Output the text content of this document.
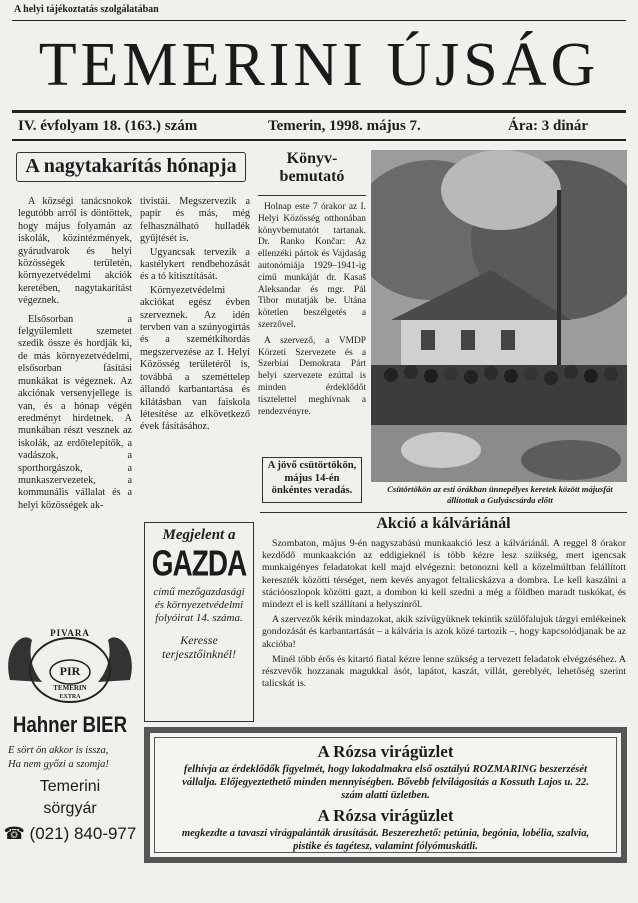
A helyi tájékoztatás szolgálatában
TEMERINI ÚJSÁG
IV. évfolyam 18. (163.) szám	Temerin, 1998. május 7.	Ára: 3 dinár
A nagytakarítás hónapja

A községi tanácsnokok legutóbb arról is döntöttek, hogy május folyamán az iskolák, közintézmények, gyárudvarok és helyi közösségek területén, környezetvédelmi akciók keretében, nagytakarítást végeznek.

Elsősorban a felgyülemlett szemetet szedik össze és hordják ki, de más környezetvédelmi, elsősorban fásítási munkákat is végeznek. Az akciónak versenyjellege is van, és a hónap végén eredményt hirdetnek. A munkában részt vesznek az iskolák, az erdőtelepítők, a vadászok, a sporthorgászok, a munkaszervezetek, a kommunális vállalat és a helyi közösségek ak-

tivistái. Megszervezik a papír és más, még felhasználható hulladék gyűjtését is.

Ugyancsak tervezik a kastélykert rendbehozását és a tó kitisztítását.

Környezetvédelmi akciókat egész évben szerveznek. Az idén tervben van a szúnyogirtás és a szemétkihordás megszervezése az I. Helyi Közösség területéről is, továbbá a szeméttelep állandó karbantartása és kilátásban van faiskola létesítése az elkövetkező évek fásításához.

Könyv-bemutató

Holnap este 7 órakor az I. Helyi Közösség otthonában könyvbemutatót tartanak. Dr. Ranko Končar: Az ellenzéki pártok és Vajdaság autonómiája 1929–1941-ig című munkáját dr. Kasaš Aleksandar és mgr. Pál Tibor mutatják be. Utána kötetlen beszélgetés a szerzővel.

A szervező, a VMDP Körzeti Szervezete és a Szerbiai Demokrata Párt helyi szervezete ezúttal is minden érdeklődőt tisztelettel meghívnak a rendezvényre.

A jövő csütörtökön, május 14-én önkéntes veradás.	Csütörtökön az esti órákban ünnepélyes keretek között májusfát állítottak a Gulyáscsárda előtt
Megjelent a
GAZDA
című mezőgazdasági és környezetvédelmi folyóirat 14. száma.
Keresse terjesztőinknél!
Akció a kálváriánál

Szombaton, május 9-én nagyszabású munkaakció lesz a kálváriánál. A reggel 8 órakor kezdődő munkaakción az eddigieknél is több kézre lesz szükség, mert igencsak munkaigényes feladatokat kell majd elvégezni: betonozni kell a közelmúltban felállított kereszték közötti térséget, nem kevés anyagot feltalicskázva a dombra. Le kell kaszálni a stációoszlopok közötti gazt, a dombon ki kell szedni a még a földben maradt tuskókat, és mindezt el is kell szállítani a helyszínről.

A szervezők kérik mindazokat, akik szívügyüknek tekintik szülőfalujuk tárgyi emlékeinek gondozását és karbantartását – a kálvária is azok közé tartozik –, hogy kapcsolódjanak be az akcióba!

Minél több érős és kitartó fiatal kézre lenne szükség a tervezett feladatok elvégzéséhez. A részvevők hozzanak magukkal ásót, lapátot, kaszát, villát, gereblyét, lehetőség szerint talicskát is.

PIVARA
PIR
TEMERIN
EXTRA
Hahner BIER
E sört ön akkor is issza,
Ha nem győzi a szomja!
Temerini
sörgyár
☎ (021) 840-977
A Rózsa virágüzlet
felhívja az érdeklődők figyelmét, hogy lakodalmakra első osztályú ROZMARING beszerzését vállalja. Előjegyeztethető minden mennyiségben. Bővebb felvilágosítás a Kossuth Lajos u. 22. szám alatti üzletben.
A Rózsa virágüzlet
megkezdte a tavaszi virágpalánták árusítását. Beszerezhető: petúnia, begónia, lobélia, szalvia, pistike és tagétesz, valamint fólyómuskátli.
